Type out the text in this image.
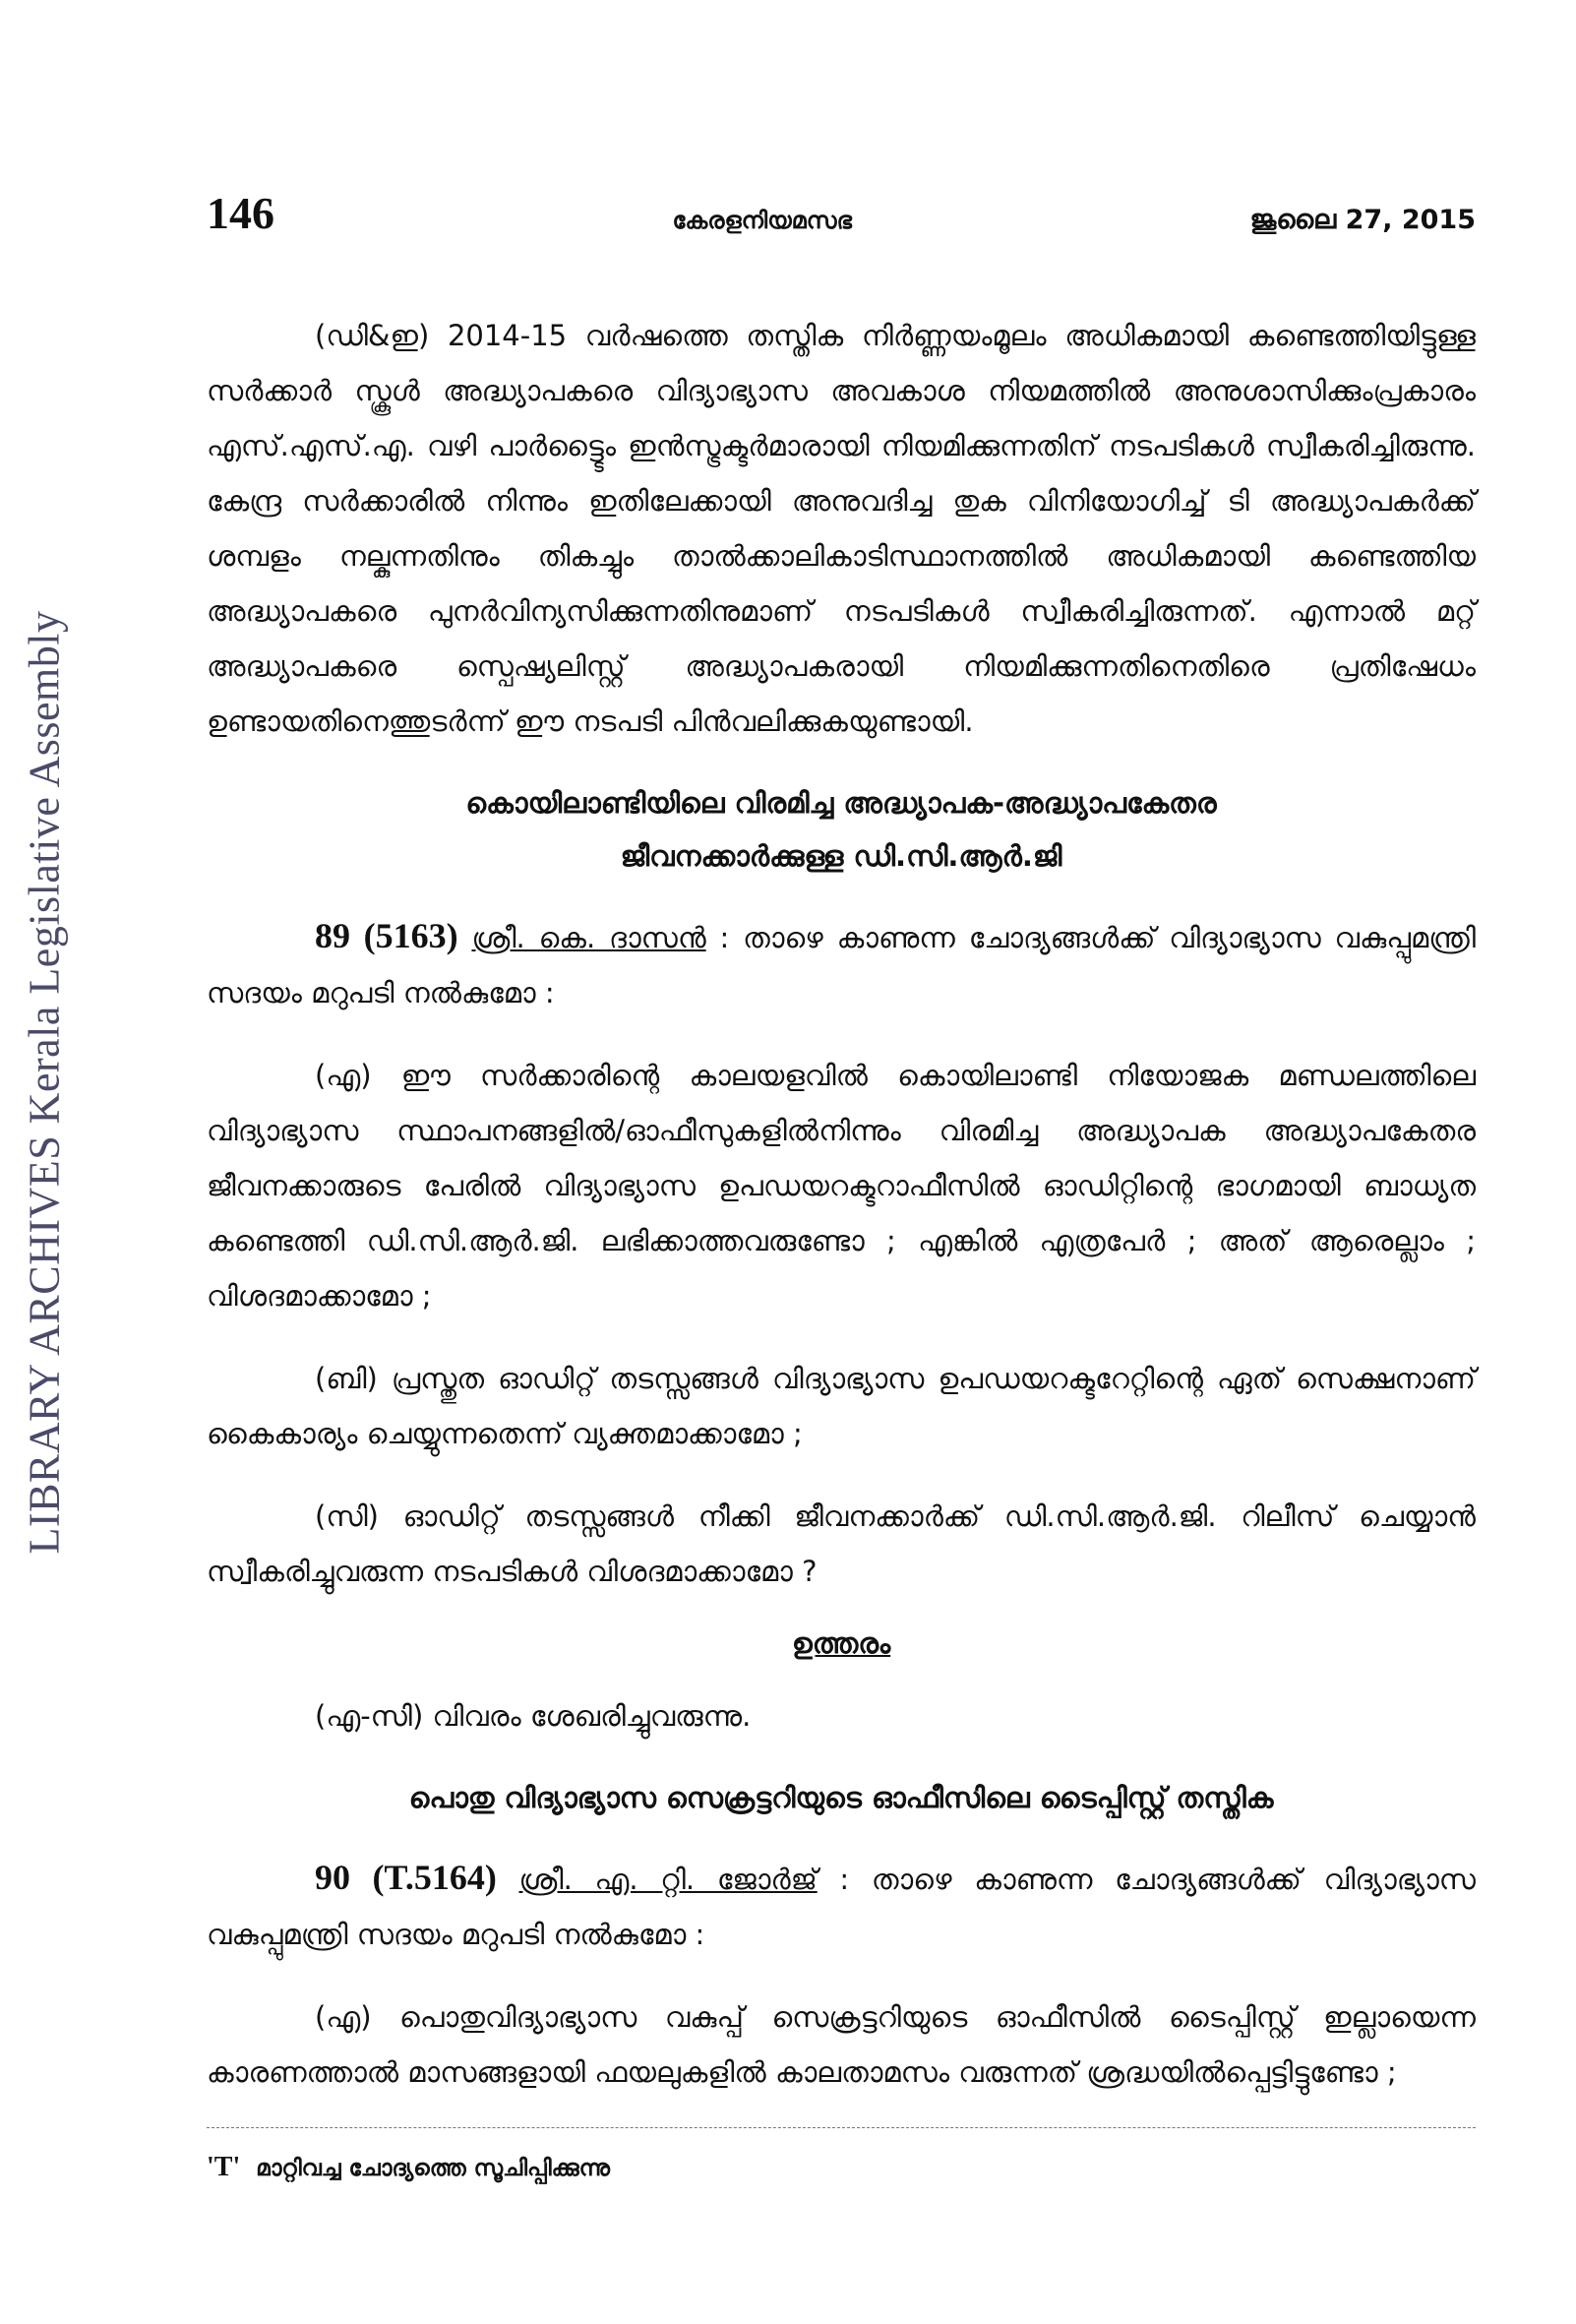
LIBRARY ARCHIVES Kerala Legislative Assembly
146	കേരളനിയമസഭ	ജൂലൈ 27, 2015

(ഡി&ഇ) 2014-15 വർഷത്തെ തസ്തിക നിർണ്ണയംമൂലം അധികമായി കണ്ടെത്തിയിട്ടുള്ള സർക്കാർ സ്കൂൾ അദ്ധ്യാപകരെ വിദ്യാഭ്യാസ അവകാശ നിയമത്തിൽ അനുശാസിക്കുംപ്രകാരം എസ്.എസ്.എ. വഴി പാർട്ട്ടൈം ഇൻസ്ട്രക്ടർമാരായി നിയമിക്കുന്നതിന് നടപടികൾ സ്വീകരിച്ചിരുന്നു. കേന്ദ്ര സർക്കാരിൽ നിന്നും ഇതിലേക്കായി അനുവദിച്ച തുക വിനിയോഗിച്ച് ടി അദ്ധ്യാപകർക്ക് ശമ്പളം നല്കുന്നതിനും തികച്ചും താൽക്കാലികാടിസ്ഥാനത്തിൽ അധികമായി കണ്ടെത്തിയ അദ്ധ്യാപകരെ പുനർവിന്യസിക്കുന്നതിനുമാണ് നടപടികൾ സ്വീകരിച്ചിരുന്നത്. എന്നാൽ മറ്റ് അദ്ധ്യാപകരെ സ്പെഷ്യലിസ്റ്റ് അദ്ധ്യാപകരായി നിയമിക്കുന്നതിനെതിരെ പ്രതിഷേധം ഉണ്ടായതിനെത്തുടർന്ന് ഈ നടപടി പിൻവലിക്കുകയുണ്ടായി.

കൊയിലാണ്ടിയിലെ വിരമിച്ച അദ്ധ്യാപക-അദ്ധ്യാപകേതര
ജീവനക്കാർക്കുള്ള ഡി.സി.ആർ.ജി

89 (5163) ശ്രീ. കെ. ദാസൻ : താഴെ കാണുന്ന ചോദ്യങ്ങൾക്ക് വിദ്യാഭ്യാസ വകുപ്പുമന്ത്രി സദയം മറുപടി നൽകുമോ :

(എ) ഈ സർക്കാരിന്റെ കാലയളവിൽ കൊയിലാണ്ടി നിയോജക മണ്ഡലത്തിലെ വിദ്യാഭ്യാസ സ്ഥാപനങ്ങളിൽ/ഓഫീസുകളിൽനിന്നും വിരമിച്ച അദ്ധ്യാപക അദ്ധ്യാപകേതര ജീവനക്കാരുടെ പേരിൽ വിദ്യാഭ്യാസ ഉപഡയറക്ടറാഫീസിൽ ഓഡിറ്റിന്റെ ഭാഗമായി ബാധ്യത കണ്ടെത്തി ഡി.സി.ആർ.ജി. ലഭിക്കാത്തവരുണ്ടോ ; എങ്കിൽ എത്രപേർ ; അത് ആരെല്ലാം ; വിശദമാക്കാമോ ;

(ബി) പ്രസ്തുത ഓഡിറ്റ് തടസ്സങ്ങൾ വിദ്യാഭ്യാസ ഉപഡയറക്ടറേറ്റിന്റെ ഏത് സെക്ഷനാണ് കൈകാര്യം ചെയ്യുന്നതെന്ന് വ്യക്തമാക്കാമോ ;

(സി) ഓഡിറ്റ് തടസ്സങ്ങൾ നീക്കി ജീവനക്കാർക്ക് ഡി.സി.ആർ.ജി. റിലീസ് ചെയ്യാൻ സ്വീകരിച്ചുവരുന്ന നടപടികൾ വിശദമാക്കാമോ ?

ഉത്തരം

(എ-സി) വിവരം ശേഖരിച്ചുവരുന്നു.

പൊതു വിദ്യാഭ്യാസ സെക്രട്ടറിയുടെ ഓഫീസിലെ ടൈപ്പിസ്റ്റ് തസ്തിക

90 (T.5164) ശ്രീ. എ. റ്റി. ജോർജ് : താഴെ കാണുന്ന ചോദ്യങ്ങൾക്ക് വിദ്യാഭ്യാസ വകുപ്പുമന്ത്രി സദയം മറുപടി നൽകുമോ :

(എ) പൊതുവിദ്യാഭ്യാസ വകുപ്പ് സെക്രട്ടറിയുടെ ഓഫീസിൽ ടൈപ്പിസ്റ്റ് ഇല്ലായെന്ന കാരണത്താൽ മാസങ്ങളായി ഫയലുകളിൽ കാലതാമസം വരുന്നത് ശ്രദ്ധയിൽപ്പെട്ടിട്ടുണ്ടോ ;

'T' മാറ്റിവച്ച ചോദ്യത്തെ സൂചിപ്പിക്കുന്നു
